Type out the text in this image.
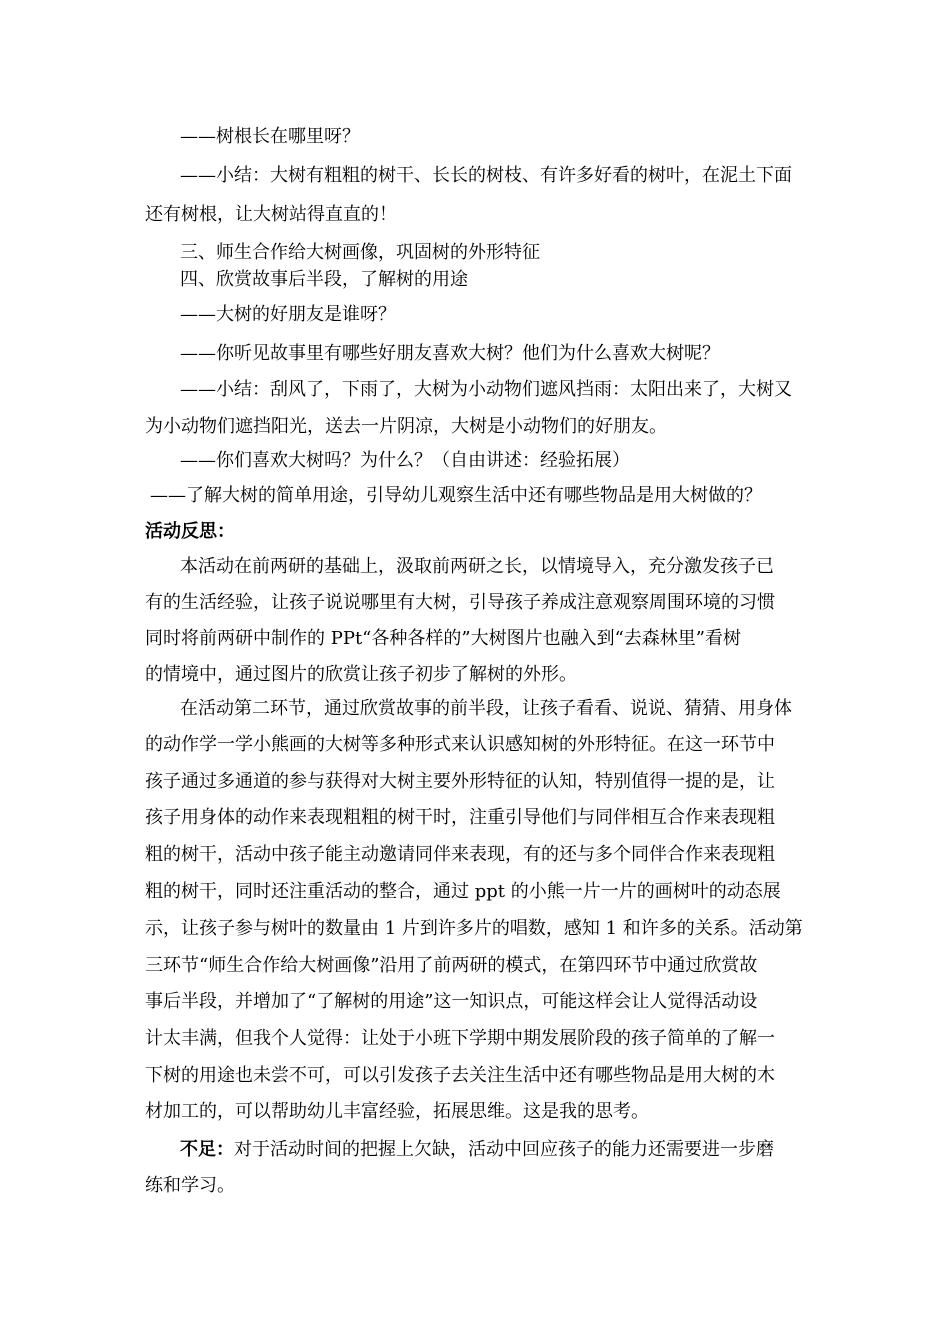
——树根长在哪里呀？
——小结：大树有粗粗的树干、长长的树枝、有许多好看的树叶，在泥土下面
还有树根，让大树站得直直的！
三、师生合作给大树画像，巩固树的外形特征
四、欣赏故事后半段，了解树的用途
——大树的好朋友是谁呀？
——你听见故事里有哪些好朋友喜欢大树？他们为什么喜欢大树呢？
——小结：刮风了，下雨了，大树为小动物们遮风挡雨：太阳出来了，大树又
为小动物们遮挡阳光，送去一片阴凉，大树是小动物们的好朋友。
——你们喜欢大树吗？为什么？（自由讲述：经验拓展）
——了解大树的简单用途，引导幼儿观察生活中还有哪些物品是用大树做的？
活动反思：
本活动在前两研的基础上，汲取前两研之长，以情境导入，充分激发孩子已
有的生活经验，让孩子说说哪里有大树，引导孩子养成注意观察周围环境的习惯
同时将前两研中制作的 PPt“各种各样的”大树图片也融入到“去森林里”看树
的情境中，通过图片的欣赏让孩子初步了解树的外形。
在活动第二环节，通过欣赏故事的前半段，让孩子看看、说说、猜猜、用身体
的动作学一学小熊画的大树等多种形式来认识感知树的外形特征。在这一环节中
孩子通过多通道的参与获得对大树主要外形特征的认知，特别值得一提的是，让
孩子用身体的动作来表现粗粗的树干时，注重引导他们与同伴相互合作来表现粗
粗的树干，活动中孩子能主动邀请同伴来表现，有的还与多个同伴合作来表现粗
粗的树干，同时还注重活动的整合，通过 ppt 的小熊一片一片的画树叶的动态展
示，让孩子参与树叶的数量由 1 片到许多片的唱数，感知 1 和许多的关系。活动第
三环节“师生合作给大树画像”沿用了前两研的模式，在第四环节中通过欣赏故
事后半段，并增加了“了解树的用途”这一知识点，可能这样会让人觉得活动设
计太丰满，但我个人觉得：让处于小班下学期中期发展阶段的孩子简单的了解一
下树的用途也未尝不可，可以引发孩子去关注生活中还有哪些物品是用大树的木
材加工的，可以帮助幼儿丰富经验，拓展思维。这是我的思考。
不足：对于活动时间的把握上欠缺，活动中回应孩子的能力还需要进一步磨
练和学习。
